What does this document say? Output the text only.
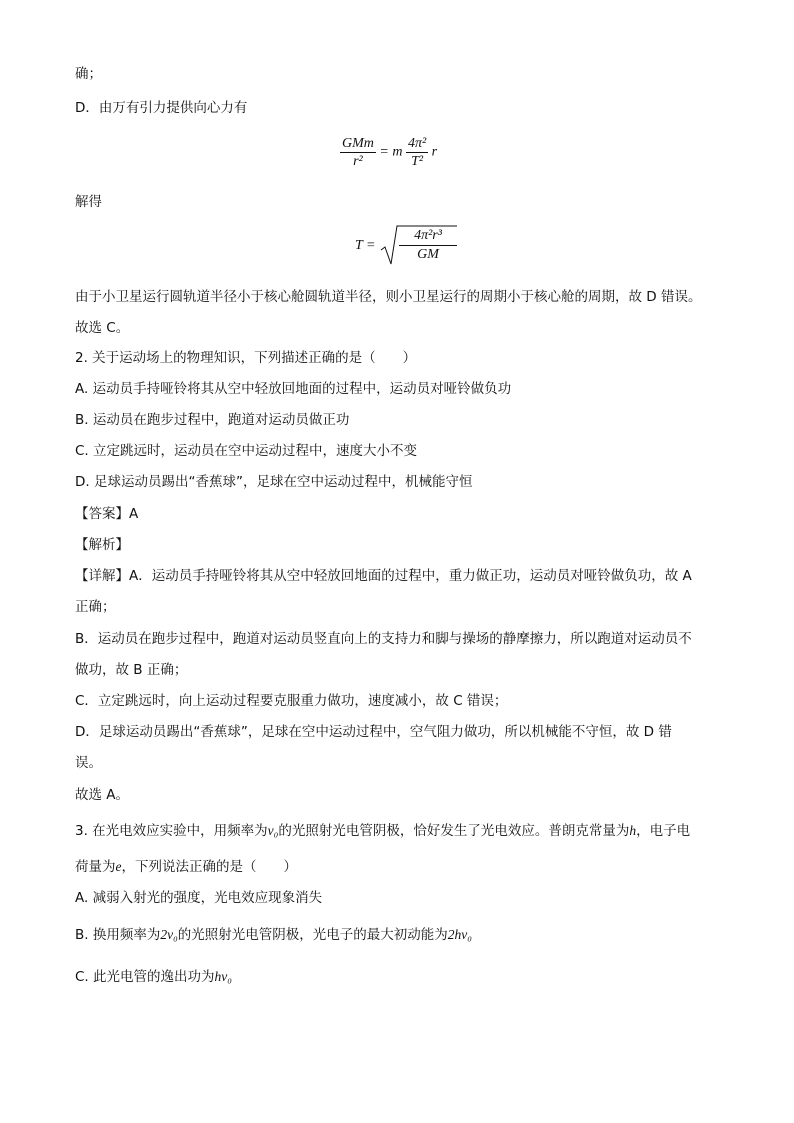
确；
D．由万有引力提供向心力有
$\frac{\text{GMm}}{\text{r²}} = m \frac{\text{4π²}}{\text{T²}}$ r
解得
T =
4π²r³
GM
由于小卫星运行圆轨道半径小于核心舱圆轨道半径，则小卫星运行的周期小于核心舱的周期，故 D 错误。
故选 C。
2. 关于运动场上的物理知识，下列描述正确的是（　　）
A. 运动员手持哑铃将其从空中轻放回地面的过程中，运动员对哑铃做负功
B. 运动员在跑步过程中，跑道对运动员做正功
C. 立定跳远时，运动员在空中运动过程中，速度大小不变
D. 足球运动员踢出“香蕉球”，足球在空中运动过程中，机械能守恒
【答案】A
【解析】
【详解】A．运动员手持哑铃将其从空中轻放回地面的过程中，重力做正功，运动员对哑铃做负功，故 A
正确；
B．运动员在跑步过程中，跑道对运动员竖直向上的支持力和脚与操场的静摩擦力，所以跑道对运动员不
做功，故 B 正确；
C．立定跳远时，向上运动过程要克服重力做功，速度减小，故 C 错误；
D．足球运动员踢出“香蕉球”，足球在空中运动过程中，空气阻力做功，所以机械能不守恒，故 D 错
误。
故选 A。
3. 在光电效应实验中，用频率为ν₀的光照射光电管阴极，恰好发生了光电效应。普朗克常量为h，电子电
荷量为e，下列说法正确的是（　　）
A. 减弱入射光的强度，光电效应现象消失
B. 换用频率为2ν₀的光照射光电管阴极，光电子的最大初动能为2hν₀
C. 此光电管的逸出功为hν₀
